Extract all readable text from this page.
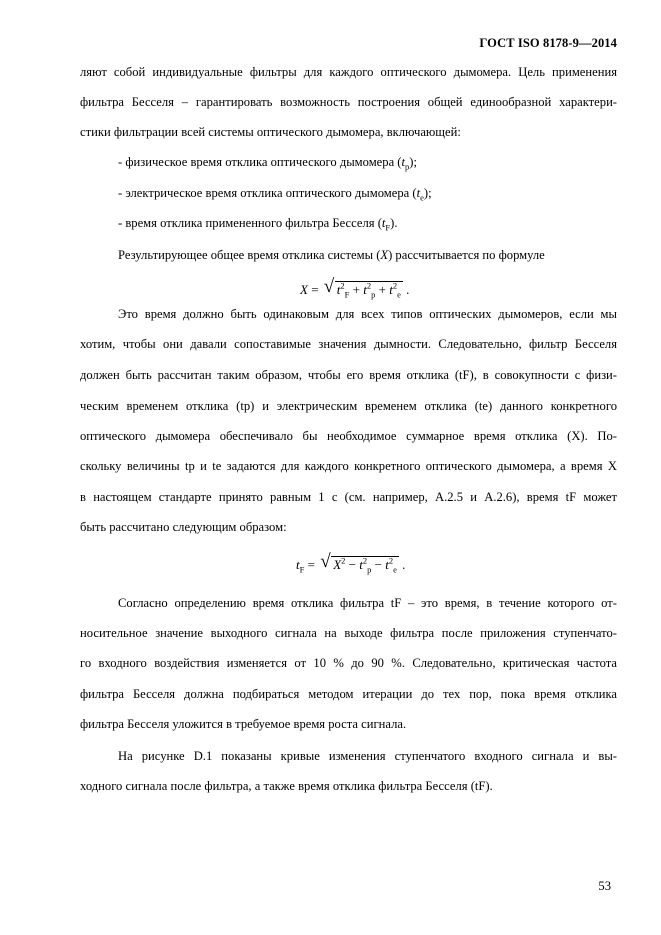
ГОСТ ISO 8178-9—2014
ляют собой индивидуальные фильтры для каждого оптического дымомера. Цель применения
фильтра Бесселя – гарантировать возможность построения общей единообразной характери-
стики фильтрации всей системы оптического дымомера, включающей:
- физическое время отклика оптического дымомера $(t_p)$;
- электрическое время отклика оптического дымомера $(t_e)$;
- время отклика примененного фильтра Бесселя $(t_F)$.
Результирующее общее время отклика системы (X) рассчитывается по формуле
X = √ $t^2_F + t^2_p + t^2_e$ .
Это время должно быть одинаковым для всех типов оптических дымомеров, если мы
хотим, чтобы они давали сопоставимые значения дымности. Следовательно, фильтр Бесселя
должен быть рассчитан таким образом, чтобы его время отклика (tF), в совокупности с физи-
ческим временем отклика (tp) и электрическим временем отклика (te) данного конкретного
оптического дымомера обеспечивало бы необходимое суммарное время отклика (X). По-
скольку величины tp и te задаются для каждого конкретного оптического дымомера, а время X
в настоящем стандарте принято равным 1 с (см. например, А.2.5 и А.2.6), время tF может
быть рассчитано следующим образом:
$t_F$ = √ $X^2 - t^2_p - t^2_e$ .
Согласно определению время отклика фильтра tF – это время, в течение которого от-
носительное значение выходного сигнала на выходе фильтра после приложения ступенчато-
го входного воздействия изменяется от 10 % до 90 %. Следовательно, критическая частота
фильтра Бесселя должна подбираться методом итерации до тех пор, пока время отклика
фильтра Бесселя уложится в требуемое время роста сигнала.
На рисунке D.1 показаны кривые изменения ступенчатого входного сигнала и вы-
ходного сигнала после фильтра, а также время отклика фильтра Бесселя (tF).
53
